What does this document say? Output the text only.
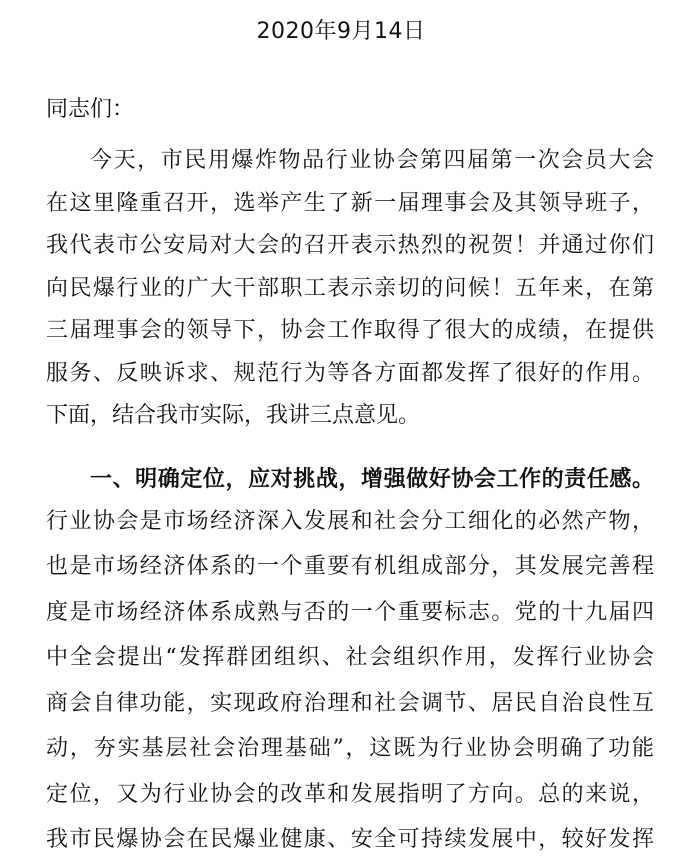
2020年9月14日
同志们：
今天，市民用爆炸物品行业协会第四届第一次会员大会
在这里隆重召开，选举产生了新一届理事会及其领导班子，
我代表市公安局对大会的召开表示热烈的祝贺！并通过你们
向民爆行业的广大干部职工表示亲切的问候！五年来，在第
三届理事会的领导下，协会工作取得了很大的成绩，在提供
服务、反映诉求、规范行为等各方面都发挥了很好的作用。
下面，结合我市实际，我讲三点意见。
一、明确定位，应对挑战，增强做好协会工作的责任感。
行业协会是市场经济深入发展和社会分工细化的必然产物，
也是市场经济体系的一个重要有机组成部分，其发展完善程
度是市场经济体系成熟与否的一个重要标志。党的十九届四
中全会提出“发挥群团组织、社会组织作用，发挥行业协会
商会自律功能，实现政府治理和社会调节、居民自治良性互
动，夯实基层社会治理基础”，这既为行业协会明确了功能
定位，又为行业协会的改革和发展指明了方向。总的来说，
我市民爆协会在民爆业健康、安全可持续发展中，较好发挥
